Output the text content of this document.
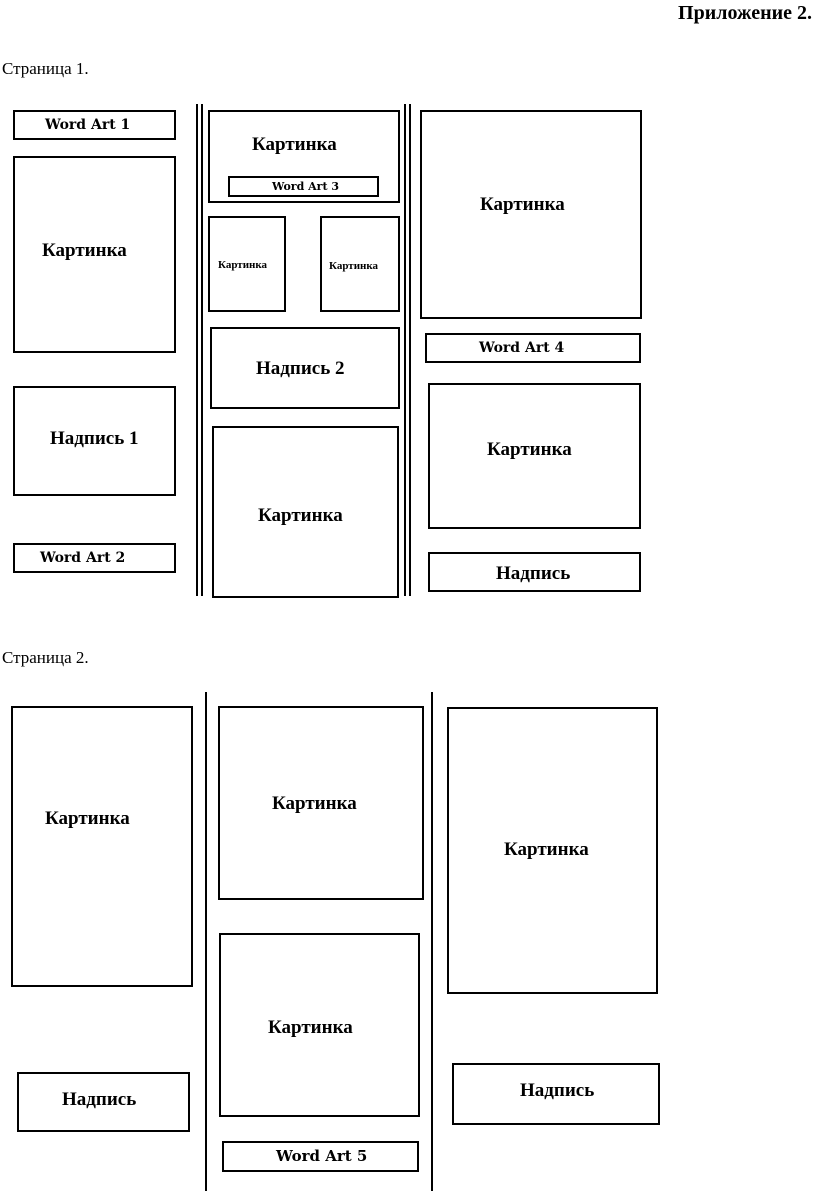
Приложение 2.
Страница 1.
Word Art 1
Картинка
Надпись 1
Word Art 2
Картинка
Word Art 3
Картинка	Картинка
Надпись 2
Картинка
Картинка
Word Art 4
Картинка
Надпись
Страница 2.
Картинка
Надпись
Картинка
Картинка
Word Art 5
Картинка
Надпись
